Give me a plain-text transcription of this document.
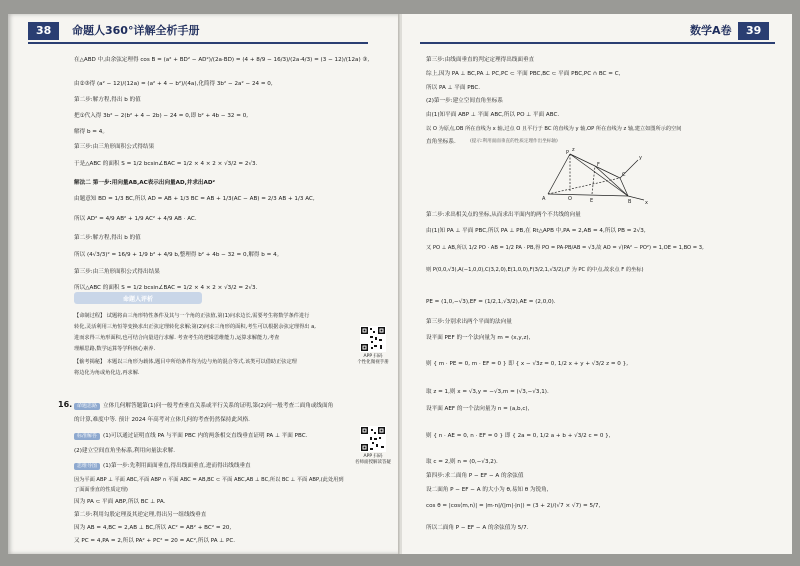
38	命题人360°详解全析手册
在△ABD 中,由余弦定理得 cos B = (a² + BD² − AD²)/(2a·BD) = (4 + 8/9 − 16/3)/(2a·4/3) = (3 − 12)/(12a) ③,
由②③得 (a² − 12)/(12a) = (a² + 4 − b²)/(4a),化简得 3b² − 2a² − 24 = 0,
第二步:解方程,得出 b 的值
把①代入得 3b² − 2(b² + 4 − 2b) − 24 = 0,即 b² + 4b − 32 = 0,
解得 b = 4。
第三步:由三角形面积公式得结果
于是△ABC 的面积 S = 1/2 bcsin∠BAC = 1/2 × 4 × 2 × √3/2 = 2√3.
解法二 第一步:用向量AB,AC表示出向量AD,并求出AD²
由题意知 BD = 1/3 BC,所以 AD = AB + 1/3 BC = AB + 1/3(AC − AB) = 2/3 AB + 1/3 AC,
所以 AD² = 4/9 AB² + 1/9 AC² + 4/9 AB · AC.
第二步:解方程,得出 b 的值
所以 (4√3/3)² = 16/9 + 1/9 b² + 4/9 b,整理得 b² + 4b − 32 = 0,解得 b = 4。
第三步:由三角形面积公式得出结果
所以△ABC 的面积 S = 1/2 bcsin∠BAC = 1/2 × 4 × 2 × √3/2 = 2√3.
命题人评析
【命制过程】 试题将由三角形特性条件及其与一个角的正弦值,第(1)问求边长,需要考生将数学条件进行
转化,灵活利用三角恒等变换求出正弦定理转化求解;第(2)问求三角形的面积,考生可以根据余弦定理得出 a,
进而求得三角形面积,也可结合向量进行求解. 考查考生的逻辑思维能力,运算求解能力,考查
理解思路,数学运算等学科核心素养.
【偷考揭秘】 本题以三角形为载体,题目中所给条件均为边与角的混合等式,该类可以借助正弦定理
将边化为角或角化边,再求解.
APP 扫码
个性化微视手册
16. 命题思路 立体几何解答题第(1)问一般考查垂直关系或平行关系的证明,第(2)问一般考查二面角或线面角
的计算,难度中等. 预计 2024 年高考对立体几何的考查仍然保持此风格.
标准解答 (1)可以通过证明直线 PA 与平面 PBC 内的两条相交直线垂直证明 PA ⊥ 平面 PBC.
(2)建立空间直角坐标系,利用向量法求解.
思维导图 (1)第一步:先利用面面垂直,得出线面垂直,进而得出线线垂直
因为平面 ABP ⊥ 平面 ABC,平面 ABP ∩ 平面 ABC = AB,BC ⊂ 平面 ABC,AB ⊥ BC,所以 BC ⊥ 平面 ABP,(此处用到
了面面垂直的性质定理)
因为 PA ⊂ 平面 ABP,所以 BC ⊥ PA.
第二步:利用勾股定理及其逆定理,得出另一组线线垂直
因为 AB = 4,BC = 2,AB ⊥ BC,所以 AC² = AB² + BC² = 20,
又 PC = 4,PA = 2,所以 PA² + PC² = 20 = AC²,所以 PA ⊥ PC.
APP 扫码
名师面授解读答疑
数学A卷	39
第三步:由线面垂直的判定定理得出线面垂直
综上,因为 PA ⊥ BC,PA ⊥ PC,PC ⊂ 平面 PBC,BC ⊂ 平面 PBC,PC ∩ BC = C,
所以 PA ⊥ 平面 PBC.
(2)第一步:建立空间直角坐标系
由(1)知平面 ABP ⊥ 平面 ABC,所以 PO ⊥ 平面 ABC.
以 O 为原点,OB 所在直线为 x 轴,过点 O 且平行于 BC 的直线为 y 轴,OP 所在直线为 z 轴,建立如图所示的空间
直角坐标系.	(提示:利用面面垂直的性质定理作出坐标轴)
P
F
C
A	O	E	B	x
y
z
第二步:求出相关点的坐标,从而求出平面内的两个不共线的向量
由(1)知 PA ⊥ 平面 PBC,所以 PA ⊥ PB,在 Rt△APB 中,PA = 2,AB = 4,所以 PB = 2√3,
又 PO ⊥ AB,所以 1/2 PO · AB = 1/2 PA · PB,得 PO = PA·PB/AB = √3,故 AO = √(PA² − PO²) = 1,OE = 1,BO = 3,
则 P(0,0,√3),A(−1,0,0),C(3,2,0),E(1,0,0),F(3/2,1,√3/2),(F 为 PC 的中点,故求点 F 的坐标)
PE = (1,0,−√3),EF = (1/2,1,√3/2),AE = (2,0,0).
第三步:分别求出两个平面的法向量
设平面 PEF 的一个法向量为 m = (x,y,z),
则 { m · PE = 0, m · EF = 0 } 即 { x − √3z = 0, 1/2 x + y + √3/2 z = 0 },
取 z = 1,则 x = √3,y = −√3,m = (√3,−√3,1).
设平面 AEF 的一个法向量为 n = (a,b,c),
则 { n · AE = 0, n · EF = 0 } 即 { 2a = 0, 1/2 a + b + √3/2 c = 0 },
取 c = 2,则 n = (0,−√3,2).
第四步:求二面角 P − EF − A 的余弦值
设二面角 P − EF − A 的大小为 θ,易知 θ 为锐角,
cos θ = |cos⟨m,n⟩| = |m·n|/(|m|·|n|) = (3 + 2)/(√7 × √7) = 5/7,
所以二面角 P − EF − A 的余弦值为 5/7.
